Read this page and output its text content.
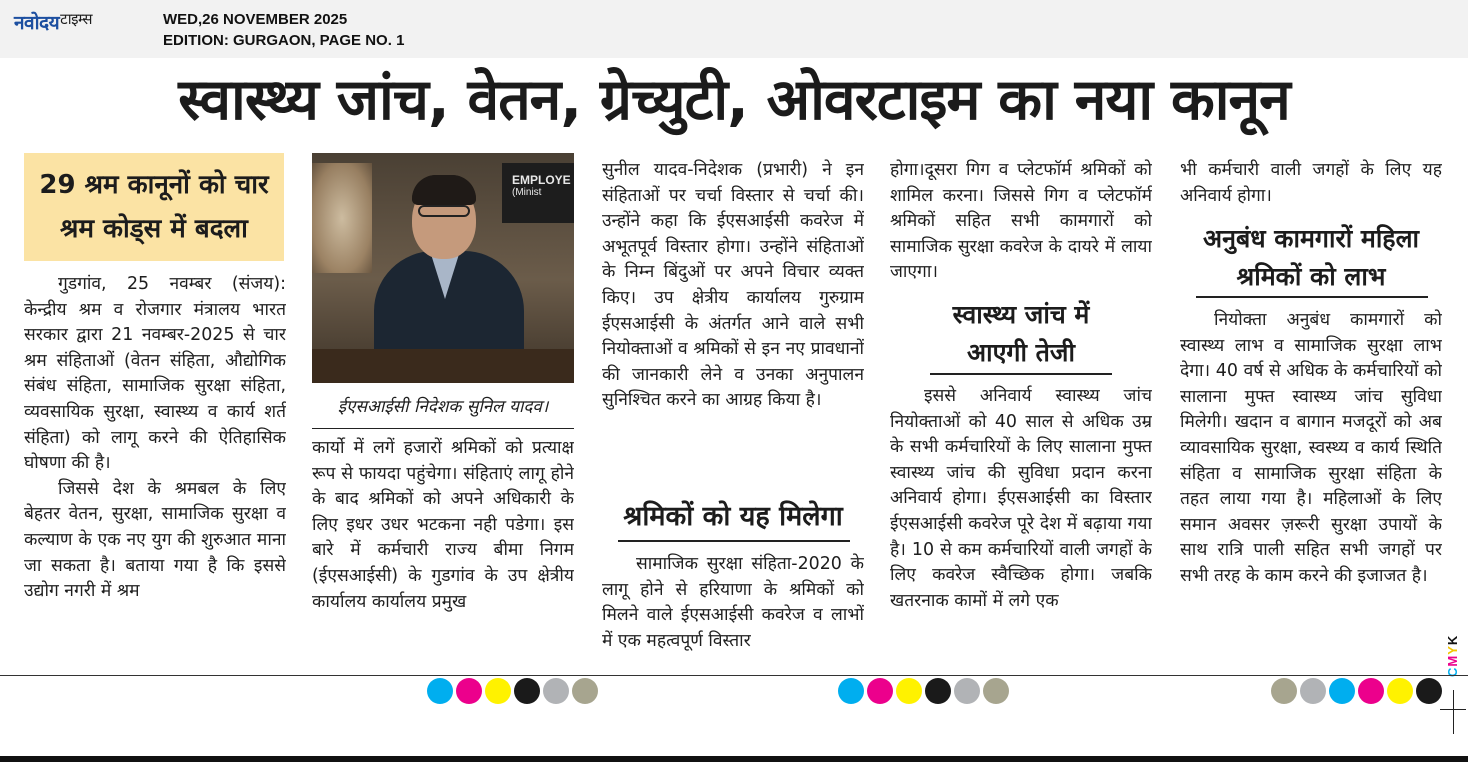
नवोदय टाइम्स	WED,26 NOVEMBER 2025
EDITION: GURGAON, PAGE NO. 1
स्वास्थ्य जांच, वेतन, ग्रेच्युटी, ओवरटाइम का नया कानून
29 श्रम कानूनों को चार
श्रम कोड्स में बदला

गुडगांव, 25 नवम्बर (संजय): केन्द्रीय श्रम व रोजगार मंत्रालय भारत सरकार द्वारा 21 नवम्बर-2025 से चार श्रम संहिताओं (वेतन संहिता, औद्योगिक संबंध संहिता, सामाजिक सुरक्षा संहिता, व्यवसायिक सुरक्षा, स्वास्थ्य व कार्य शर्त संहिता) को लागू करने की ऐतिहासिक घोषणा की है।

जिससे देश के श्रमबल के लिए बेहतर वेतन, सुरक्षा, सामाजिक सुरक्षा व कल्याण के एक नए युग की शुरुआत माना जा सकता है। बताया गया है कि इससे उद्योग नगरी में श्रम

EMPLOYE
(Minist
ईएसआईसी निदेशक सुनिल यादव।

कार्यो में लगें हजारों श्रमिकों को प्रत्याक्ष रूप से फायदा पहुंचेगा। संहिताएं लागू होने के बाद श्रमिकों को अपने अधिकारी के लिए इधर उधर भटकना नही पडेगा। इस बारे में कर्मचारी राज्य बीमा निगम (ईएसआईसी) के गुडगांव के उप क्षेत्रीय कार्यालय कार्यालय प्रमुख

सुनील यादव-निदेशक (प्रभारी) ने इन संहिताओं पर चर्चा विस्तार से चर्चा की। उन्होंने कहा कि ईएसआईसी कवरेज में अभूतपूर्व विस्तार होगा। उन्होंने संहिताओं के निम्न बिंदुओं पर अपने विचार व्यक्त किए। उप क्षेत्रीय कार्यालय गुरुग्राम ईएसआईसी के अंतर्गत आने वाले सभी नियोक्ताओं व श्रमिकों से इन नए प्रावधानों की जानकारी लेने व उनका अनुपालन सुनिश्चित करने का आग्रह किया है।

श्रमिकों को यह मिलेगा

सामाजिक सुरक्षा संहिता-2020 के लागू होने से हरियाणा के श्रमिकों को मिलने वाले ईएसआईसी कवरेज व लाभों में एक महत्वपूर्ण विस्तार

होगा।दूसरा गिग व प्लेटफॉर्म श्रमिकों को शामिल करना। जिससे गिग व प्लेटफॉर्म श्रमिकों सहित सभी कामगारों को सामाजिक सुरक्षा कवरेज के दायरे में लाया जाएगा।

स्वास्थ्य जांच में
आएगी तेजी

इससे अनिवार्य स्वास्थ्य जांच नियोक्ताओं को 40 साल से अधिक उम्र के सभी कर्मचारियों के लिए सालाना मुफ्त स्वास्थ्य जांच की सुविधा प्रदान करना अनिवार्य होगा। ईएसआईसी का विस्तार ईएसआईसी कवरेज पूरे देश में बढ़ाया गया है। 10 से कम कर्मचारियों वाली जगहों के लिए कवरेज स्वैच्छिक होगा। जबकि खतरनाक कामों में लगे एक

भी कर्मचारी वाली जगहों के लिए यह अनिवार्य होगा।

अनुबंध कामगारों महिला
श्रमिकों को लाभ

नियोक्ता अनुबंध कामगारों को स्वास्थ्य लाभ व सामाजिक सुरक्षा लाभ देगा। 40 वर्ष से अधिक के कर्मचारियों को सालाना मुफ्त स्वास्थ्य जांच सुविधा मिलेगी। खदान व बागान मजदूरों को अब व्यावसायिक सुरक्षा, स्वस्थ्य व कार्य स्थिति संहिता व सामाजिक सुरक्षा संहिता के तहत लाया गया है। महिलाओं के लिए समान अवसर ज़रूरी सुरक्षा उपायों के साथ रात्रि पाली सहित सभी जगहों पर सभी तरह के काम करने की इजाजत है।

CMYK
